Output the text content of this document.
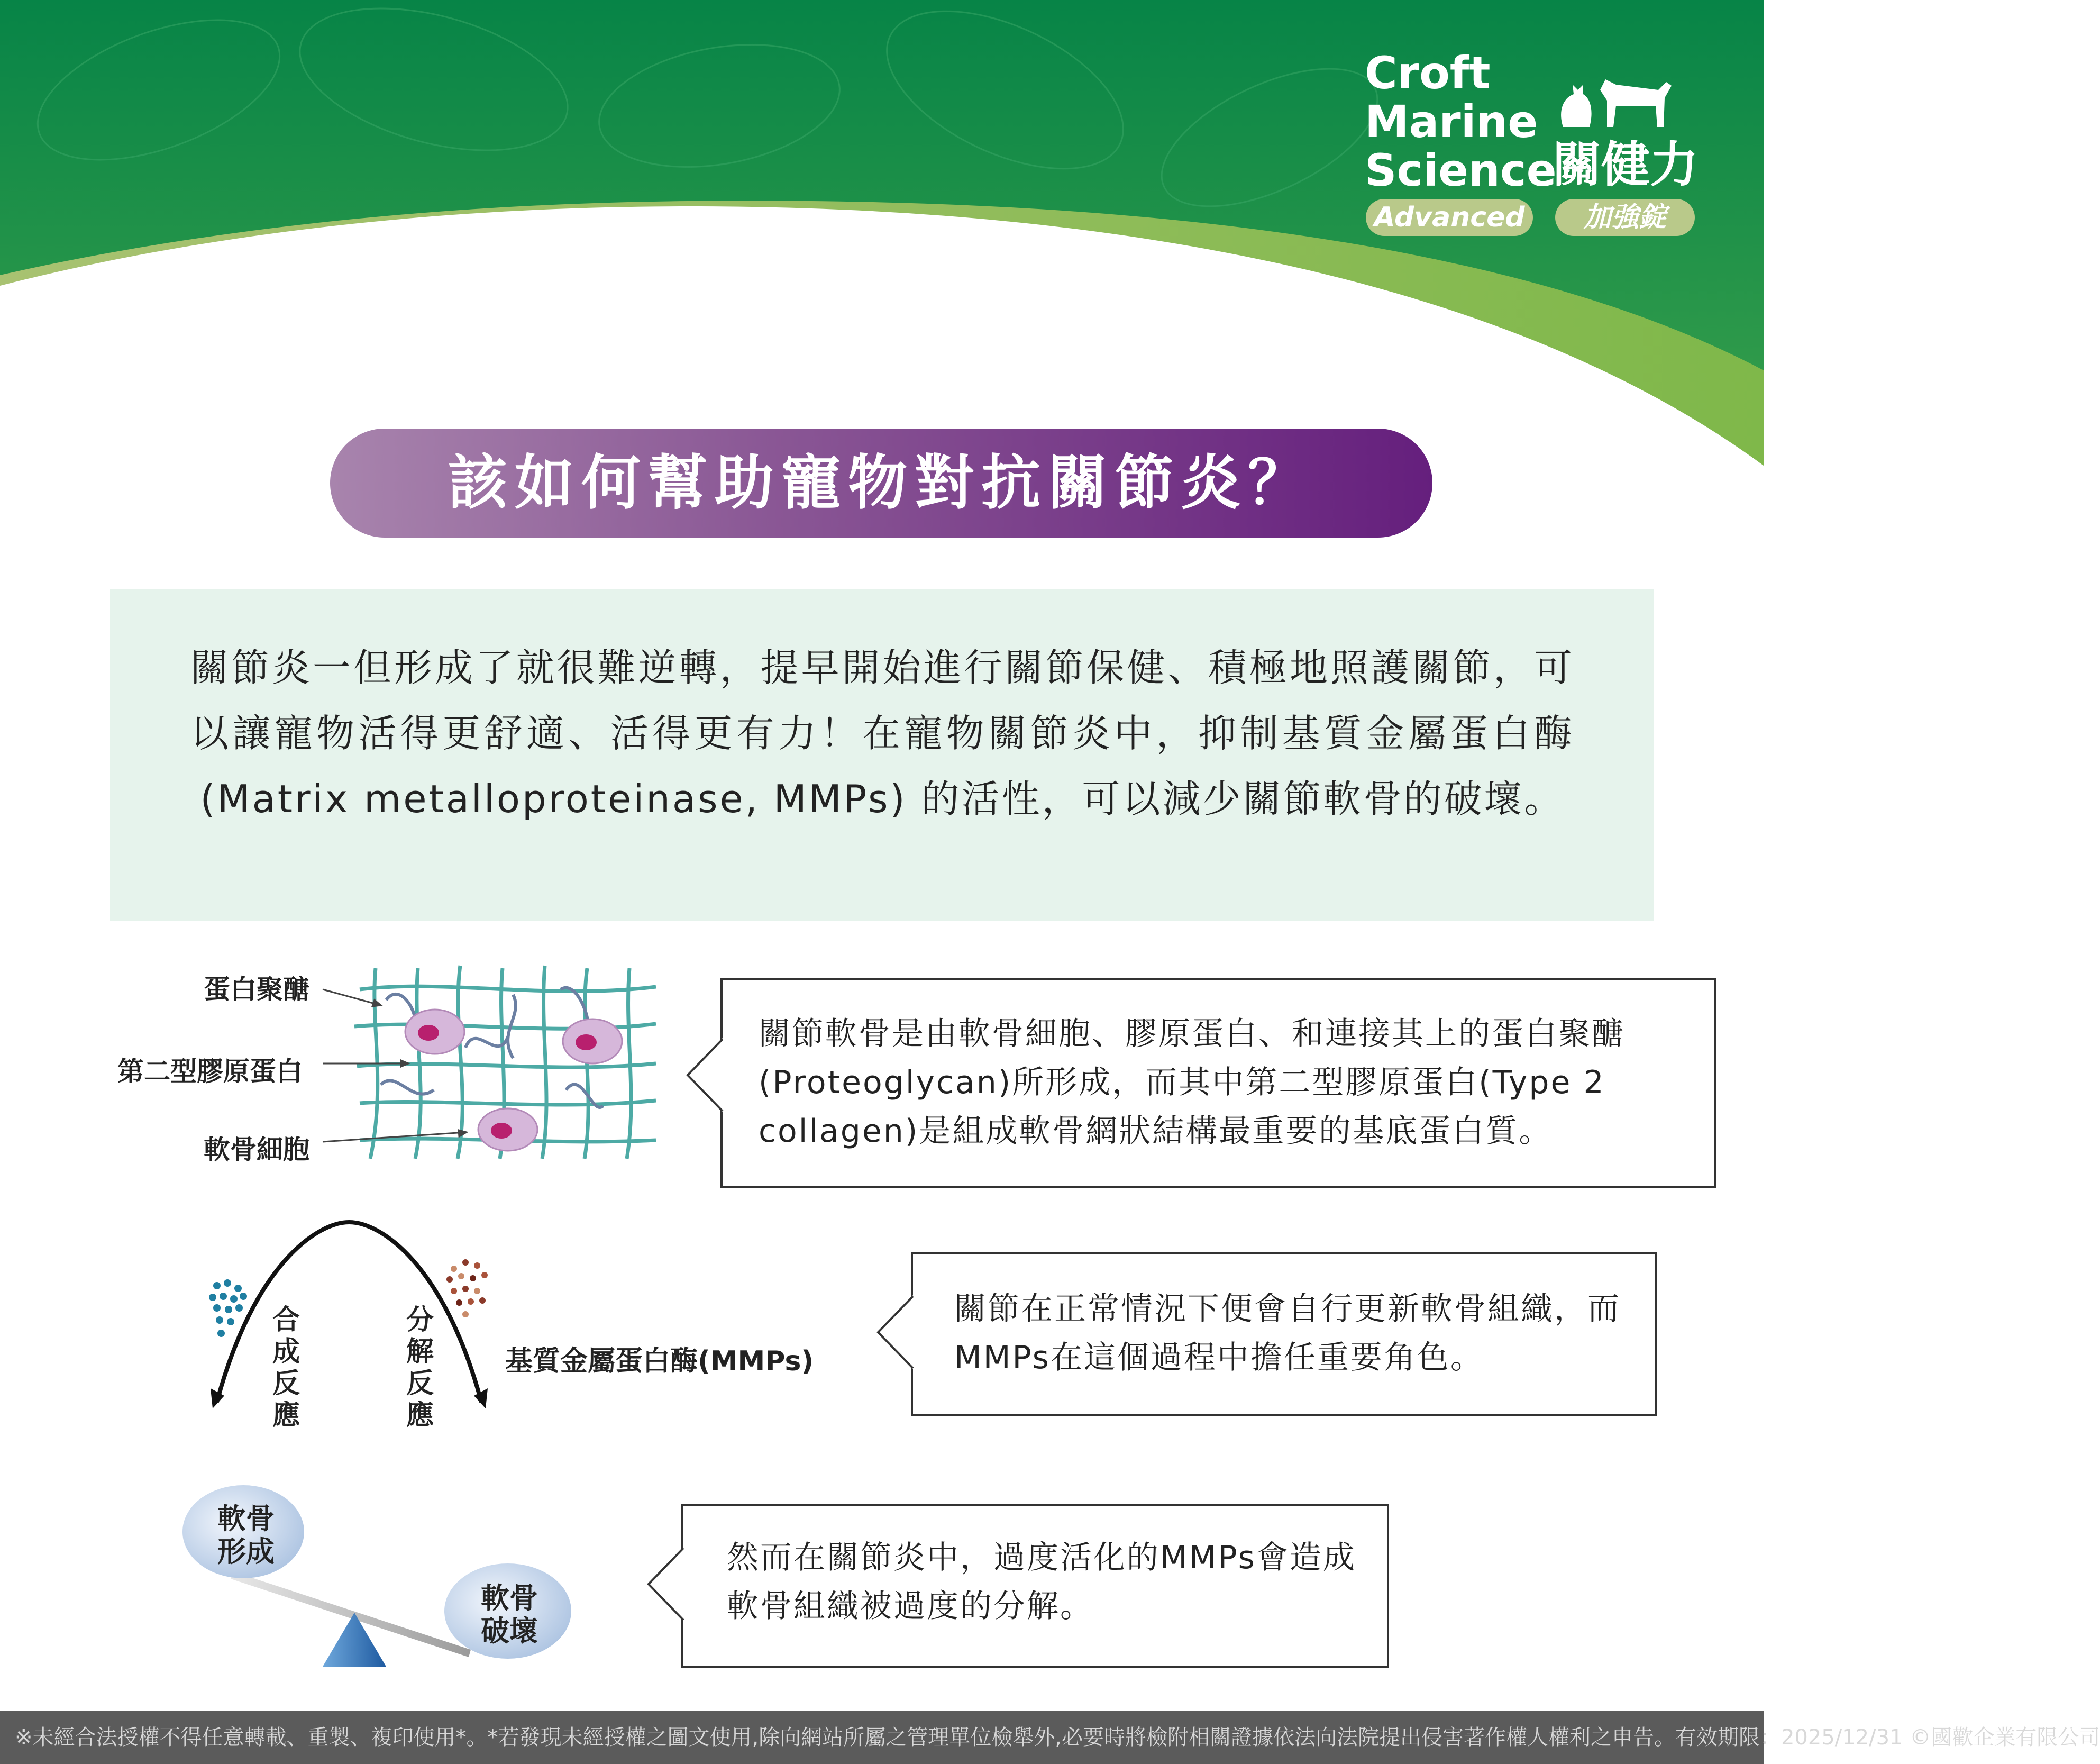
Croft
Marine
Science
關健力
Advanced	加強錠
該如何幫助寵物對抗關節炎？
關節炎一但形成了就很難逆轉，提早開始進行關節保健、積極地照護關節，可以讓寵物活得更舒適、活得更有力！在寵物關節炎中，抑制基質金屬蛋白酶 (Matrix metalloproteinase, MMPs) 的活性，可以減少關節軟骨的破壞。
蛋白聚醣
第二型膠原蛋白
軟骨細胞
關節軟骨是由軟骨細胞、膠原蛋白、和連接其上的蛋白聚醣(Proteoglycan)所形成，而其中第二型膠原蛋白(Type 2 collagen)是組成軟骨網狀結構最重要的基底蛋白質。
合成反應
分解反應
基質金屬蛋白酶(MMPs)
關節在正常情況下便會自行更新軟骨組織，而MMPs在這個過程中擔任重要角色。
軟骨形成
軟骨破壞
然而在關節炎中，過度活化的MMPs會造成軟骨組織被過度的分解。
※未經合法授權不得任意轉載、重製、複印使用*。*若發現未經授權之圖文使用,除向網站所屬之管理單位檢舉外,必要時將檢附相關證據依法向法院提出侵害著作權人權利之申告。有效期限：2025/12/31 ©國歡企業有限公司
